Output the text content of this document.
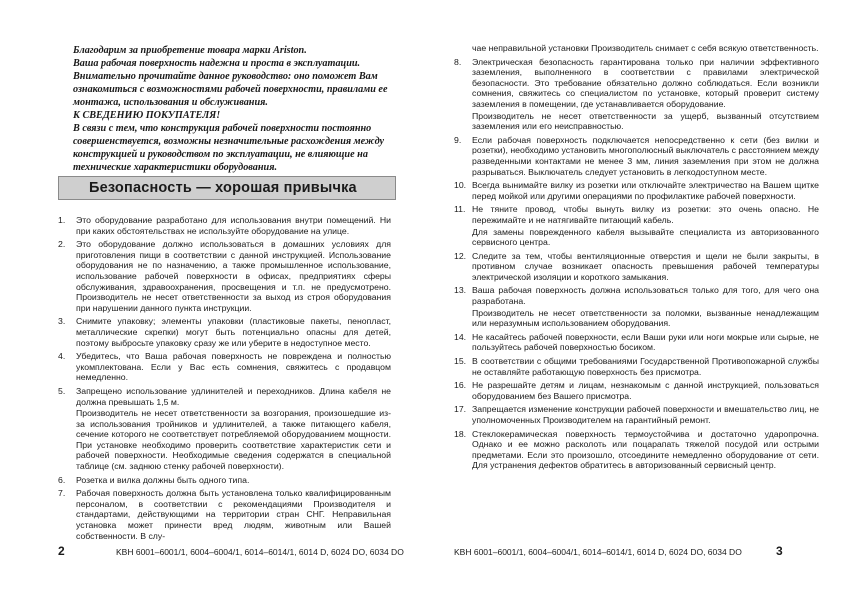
Благодарим за приобретение товара марки Ariston.

Ваша рабочая поверхность надежна и проста в эксплуатации.

Внимательно прочитайте данное руководство: оно поможет Вам ознакомиться с возможностями рабочей поверхности, правилами ее монтажа, использования и обслуживания.

К СВЕДЕНИЮ ПОКУПАТЕЛЯ!

В связи с тем, что конструкция рабочей поверхности постоянно совершенствуется, возможны незначительные расхождения между конструкцией и руководством по эксплуатации, не влияющие на технические характеристики оборудования.

Безопасность — хорошая привычка
1. Это оборудование разработано для использования внутри помещений. Ни при каких обстоятельствах не используйте оборудование на улице.
2. Это оборудование должно использоваться в домашних условиях для приготовления пищи в соответствии с данной инструкцией. Использование оборудования не по назначению, а также промышленное использование, использование рабочей поверхности в офисах, предприятиях сферы обслуживания, здравоохранения, просвещения и т.п. не предусмотрено. Производитель не несет ответственности за выход из строя оборудования при нарушении данного пункта инструкции.
3. Снимите упаковку; элементы упаковки (пластиковые пакеты, пенопласт, металлические скрепки) могут быть потенциально опасны для детей, поэтому выбросьте упаковку сразу же или уберите в недоступное место.
4. Убедитесь, что Ваша рабочая поверхность не повреждена и полностью укомплектована. Если у Вас есть сомнения, свяжитесь с продавцом немедленно.
5. Запрещено использование удлинителей и переходников. Длина кабеля не должна превышать 1,5 м.
Производитель не несет ответственности за возгорания, произошедшие из-за использования тройников и удлинителей, а также питающего кабеля, сечение которого не соответствует потребляемой оборудованием мощности. При установке необходимо проверить соответствие характеристик сети и рабочей поверхности. Необходимые сведения содержатся в специальной таблице (см. заднюю стенку рабочей поверхности).
6. Розетка и вилка должны быть одного типа.
7. Рабочая поверхность должна быть установлена только квалифицированным персоналом, в соответствии с рекомендациями Производителя и стандартами, действующими на территории стран СНГ. Неправильная установка может принести вред людям, животным или Вашей собственности. В слу-
2	KBH 6001–6001/1, 6004–6004/1, 6014–6014/1, 6014 D, 6024 DO, 6034 DO
чае неправильной установки Производитель снимает с себя всякую ответственность.
8. Электрическая безопасность гарантирована только при наличии эффективного заземления, выполненного в соответствии с правилами электрической безопасности. Это требование обязательно должно соблюдаться. Если возникли сомнения, свяжитесь со специалистом по установке, который проверит систему заземления в помещении, где устанавливается оборудование.
Производитель не несет ответственности за ущерб, вызванный отсутствием заземления или его неисправностью.
9. Если рабочая поверхность подключается непосредственно к сети (без вилки и розетки), необходимо установить многополюсный выключатель с расстоянием между разведенными контактами не менее 3 мм, линия заземления при этом не должна разрываться. Выключатель следует установить в легкодоступном месте.
10. Всегда вынимайте вилку из розетки или отключайте электричество на Вашем щитке перед мойкой или другими операциями по профилактике рабочей поверхности.
11. Не тяните провод, чтобы вынуть вилку из розетки: это очень опасно. Не пережимайте и не натягивайте питающий кабель.
Для замены поврежденного кабеля вызывайте специалиста из авторизованного сервисного центра.
12. Следите за тем, чтобы вентиляционные отверстия и щели не были закрыты, в противном случае возникает опасность превышения рабочей температуры электрической изоляции и короткого замыкания.
13. Ваша рабочая поверхность должна использоваться только для того, для чего она разработана.
Производитель не несет ответственности за поломки, вызванные ненадлежащим или неразумным использованием оборудования.
14. Не касайтесь рабочей поверхности, если Ваши руки или ноги мокрые или сырые, не пользуйтесь рабочей поверхностью босиком.
15. В соответствии с общими требованиями Государственной Противопожарной службы не оставляйте работающую поверхность без присмотра.
16. Не разрешайте детям и лицам, незнакомым с данной инструкцией, пользоваться оборудованием без Вашего присмотра.
17. Запрещается изменение конструкции рабочей поверхности и вмешательство лиц, не уполномоченных Производителем на гарантийный ремонт.
18. Стеклокерамическая поверхность термоустойчива и достаточно ударопрочна. Однако и ее можно расколоть или поцарапать тяжелой посудой или острыми предметами. Если это произошло, отсоедините немедленно оборудование от сети. Для устранения дефектов обратитесь в авторизованный сервисный центр.
KBH 6001–6001/1, 6004–6004/1, 6014–6014/1, 6014 D, 6024 DO, 6034 DO	3
